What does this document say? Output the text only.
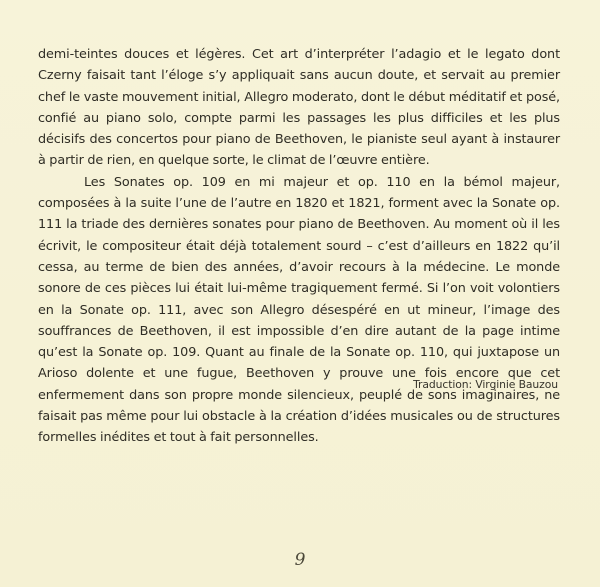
demi-teintes douces et légères. Cet art d’interpréter l’adagio et le legato dont Czerny faisait tant l’éloge s’y appliquait sans aucun doute, et servait au premier chef le vaste mouvement initial, Allegro moderato, dont le début méditatif et posé, confié au piano solo, compte parmi les passages les plus difficiles et les plus décisifs des concertos pour piano de Beethoven, le pianiste seul ayant à instaurer à partir de rien, en quelque sorte, le climat de l’œuvre entière.

Les Sonates op. 109 en mi majeur et op. 110 en la bémol majeur, composées à la suite l’une de l’autre en 1820 et 1821, forment avec la Sonate op. 111 la triade des dernières sonates pour piano de Beethoven. Au moment où il les écrivit, le compositeur était déjà totalement sourd – c’est d’ailleurs en 1822 qu’il cessa, au terme de bien des années, d’avoir recours à la médecine. Le monde sonore de ces pièces lui était lui-même tragiquement fermé. Si l’on voit volontiers en la Sonate op. 111, avec son Allegro désespéré en ut mineur, l’image des souffrances de Beethoven, il est impossible d’en dire autant de la page intime qu’est la Sonate op. 109. Quant au finale de la Sonate op. 110, qui juxtapose un Arioso dolente et une fugue, Beethoven y prouve une fois encore que cet enfermement dans son propre monde silencieux, peuplé de sons imaginaires, ne faisait pas même pour lui obstacle à la création d’idées musicales ou de structures formelles inédites et tout à fait personnelles.

Traduction: Virginie Bauzou
9
